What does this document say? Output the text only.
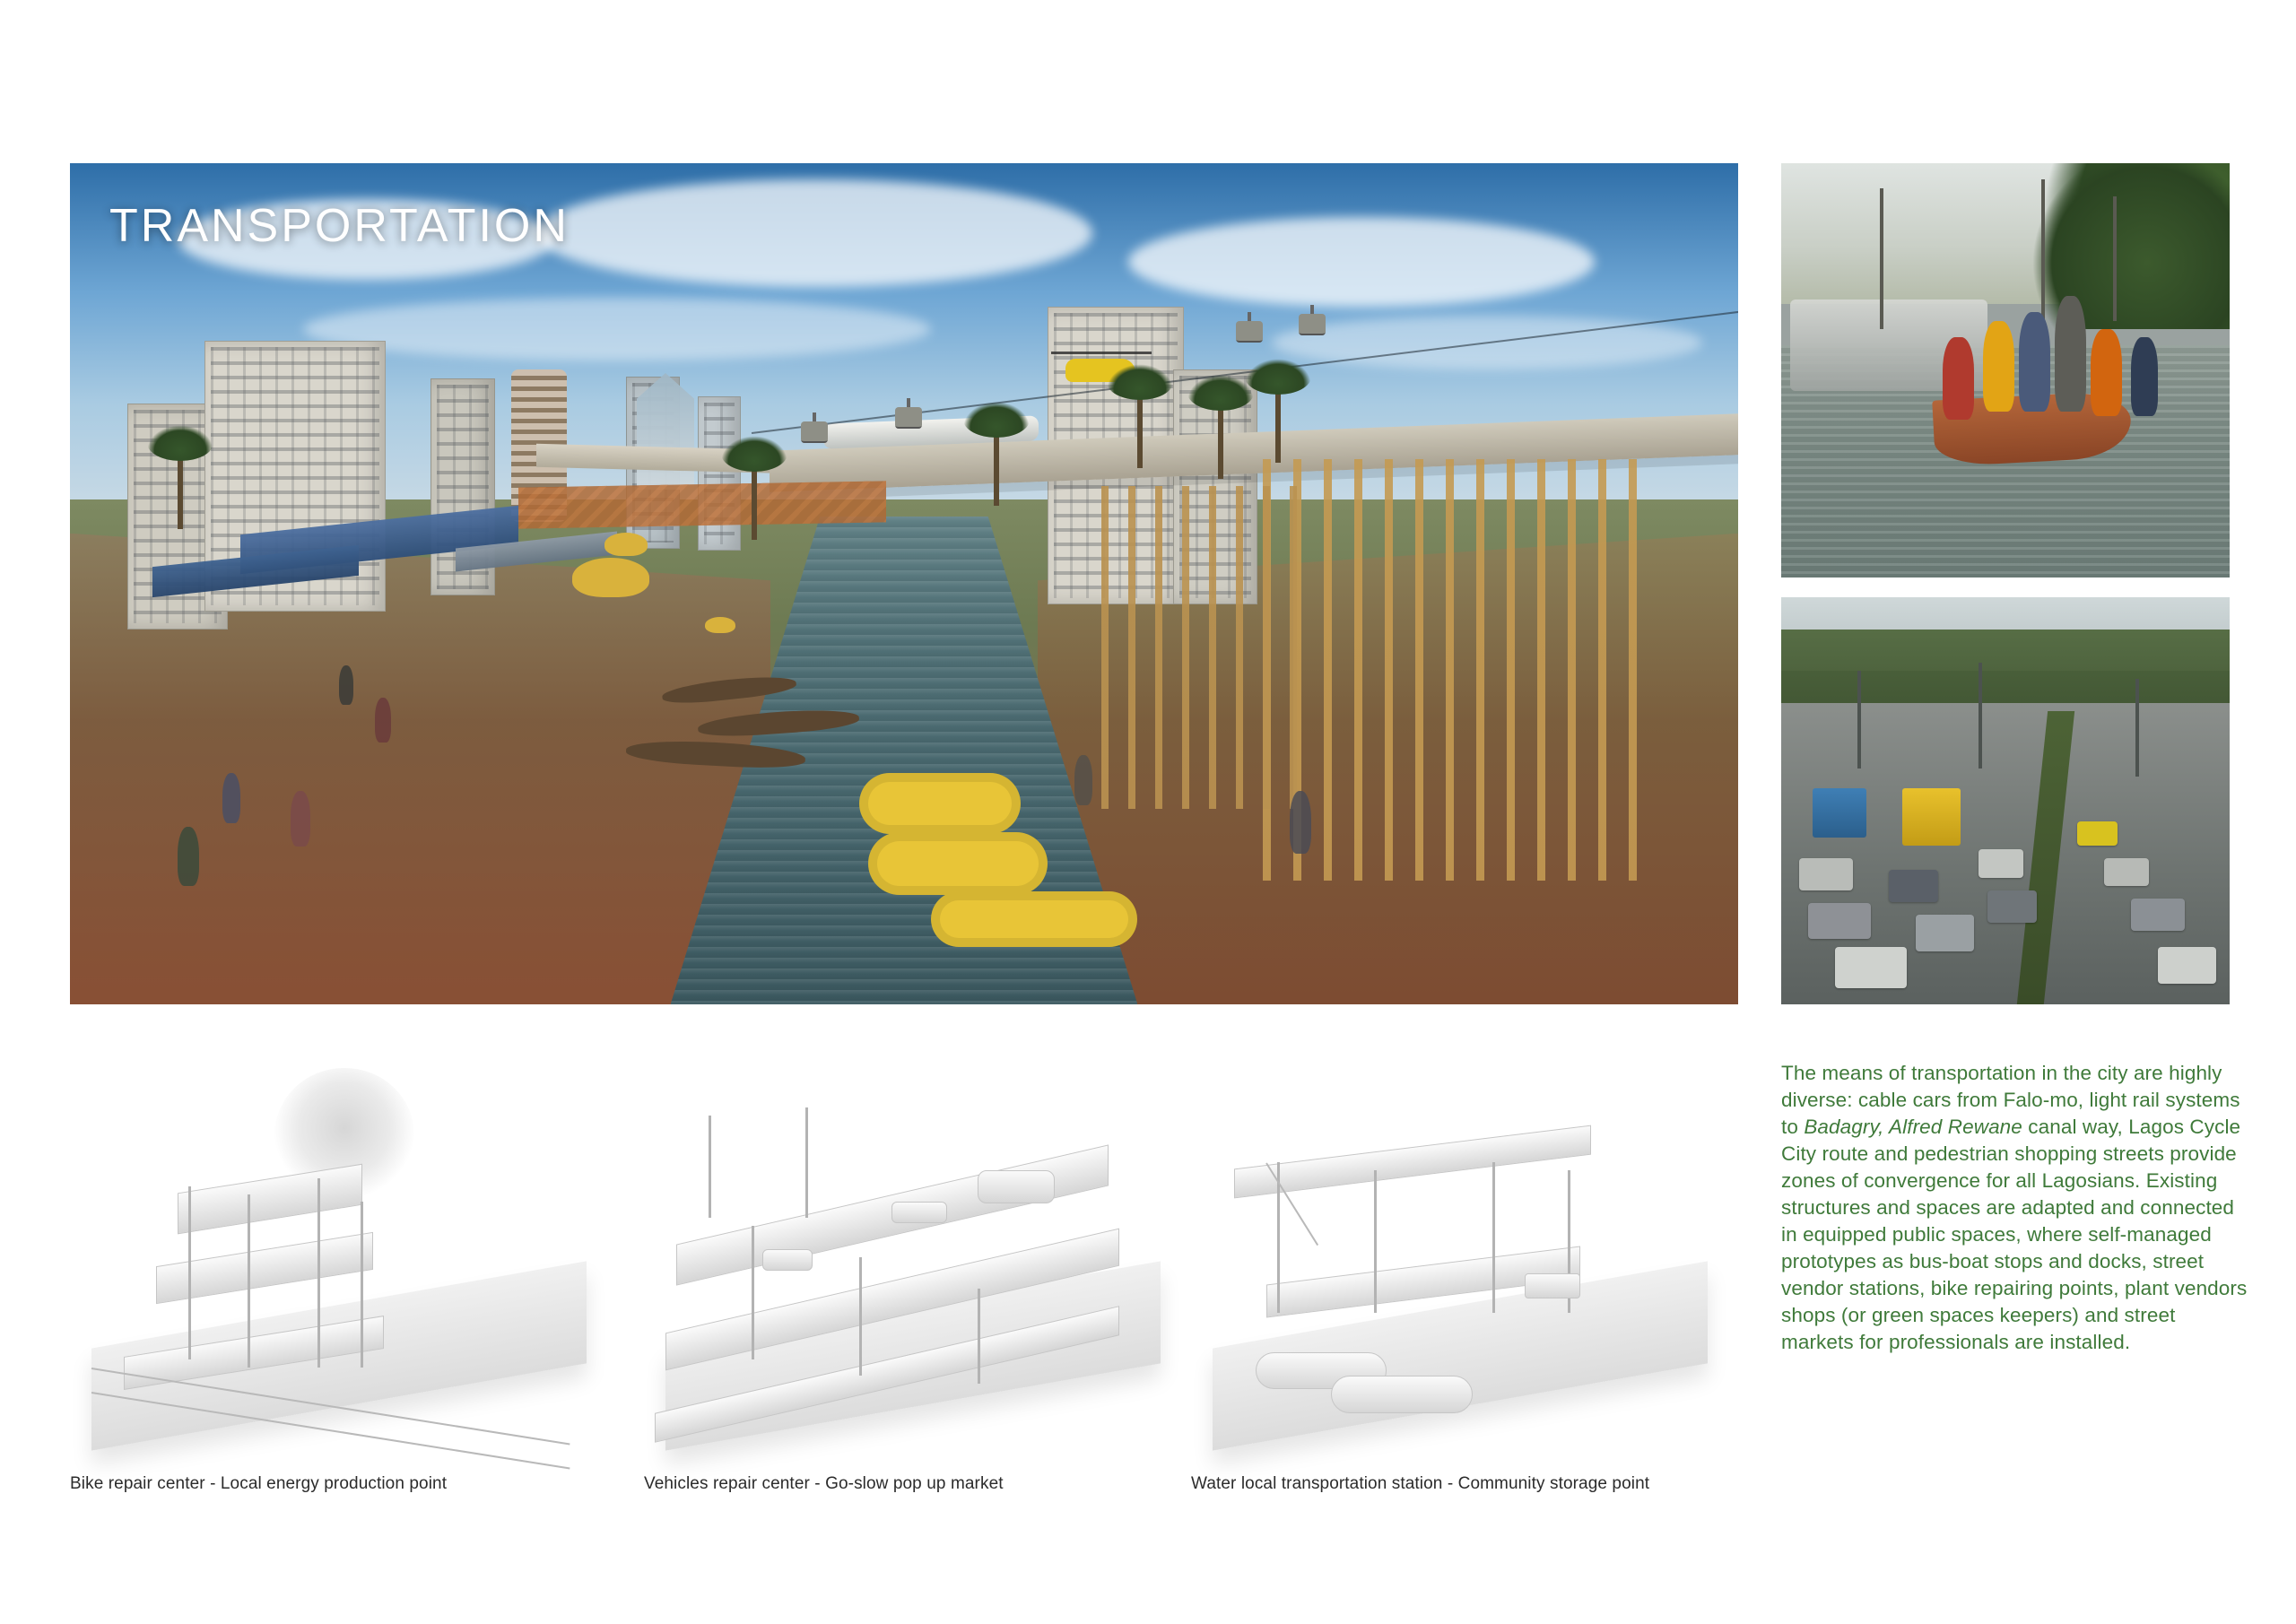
TRANSPORTATION
The means of transportation in the city are highly diverse: cable cars from Falo-mo, light rail systems to Badagry, Alfred Rewane canal way, Lagos Cycle City route and pedestrian shopping streets provide zones of convergence for all Lagosians. Existing structures and spaces are adapted and connected in equipped public spaces, where self-managed prototypes as bus-boat stops and docks, street vendor stations, bike repairing points, plant vendors shops (or green spaces keepers) and street markets for professionals are installed.
Bike repair center - Local energy production point	Vehicles repair center - Go-slow pop up market	Water local transportation station - Community storage point
